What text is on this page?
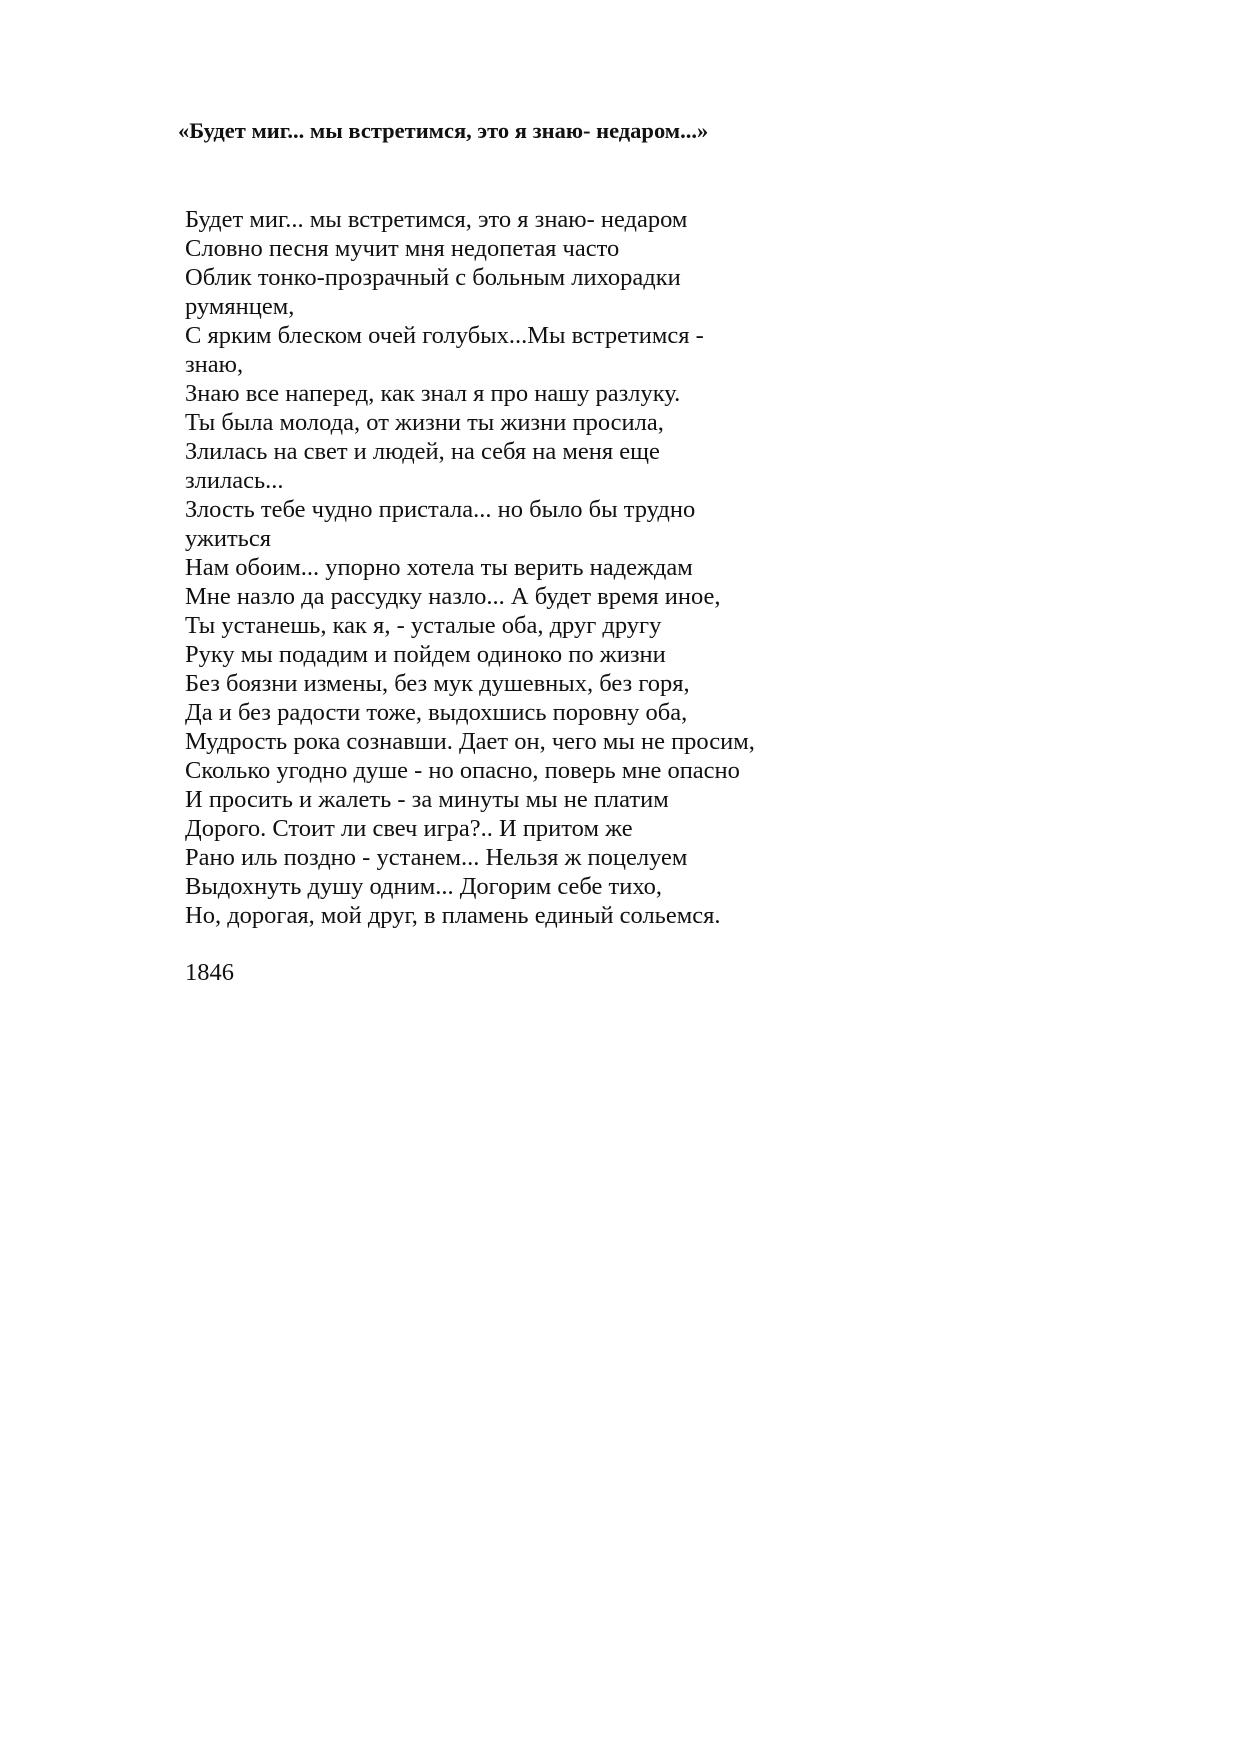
«Будет миг... мы встретимся, это я знаю- недаром...»
Будет миг... мы встретимся, это я знаю- недаром
Словно песня мучит мня недопетая часто
Облик тонко-прозрачный с больным лихорадки
румянцем,
С ярким блеском очей голубых...Мы встретимся -
знаю,
Знаю все наперед, как знал я про нашу разлуку.
Ты была молода, от жизни ты жизни просила,
Злилась на свет и людей, на себя на меня еще
злилась...
Злость тебе чудно пристала... но было бы трудно
ужиться
Нам обоим... упорно хотела ты верить надеждам
Мне назло да рассудку назло... А будет время иное,
Ты устанешь, как я, - усталые оба, друг другу
Руку мы подадим и пойдем одиноко по жизни
Без боязни измены, без мук душевных, без горя,
Да и без радости тоже, выдохшись поровну оба,
Мудрость рока сознавши. Дает он, чего мы не просим,
Сколько угодно душе - но опасно, поверь мне опасно
И просить и жалеть - за минуты мы не платим
Дорого. Стоит ли свеч игра?.. И притом же
Рано иль поздно - устанем... Нельзя ж поцелуем
Выдохнуть душу одним... Догорим себе тихо,
Но, дорогая, мой друг, в пламень единый сольемся.
1846
